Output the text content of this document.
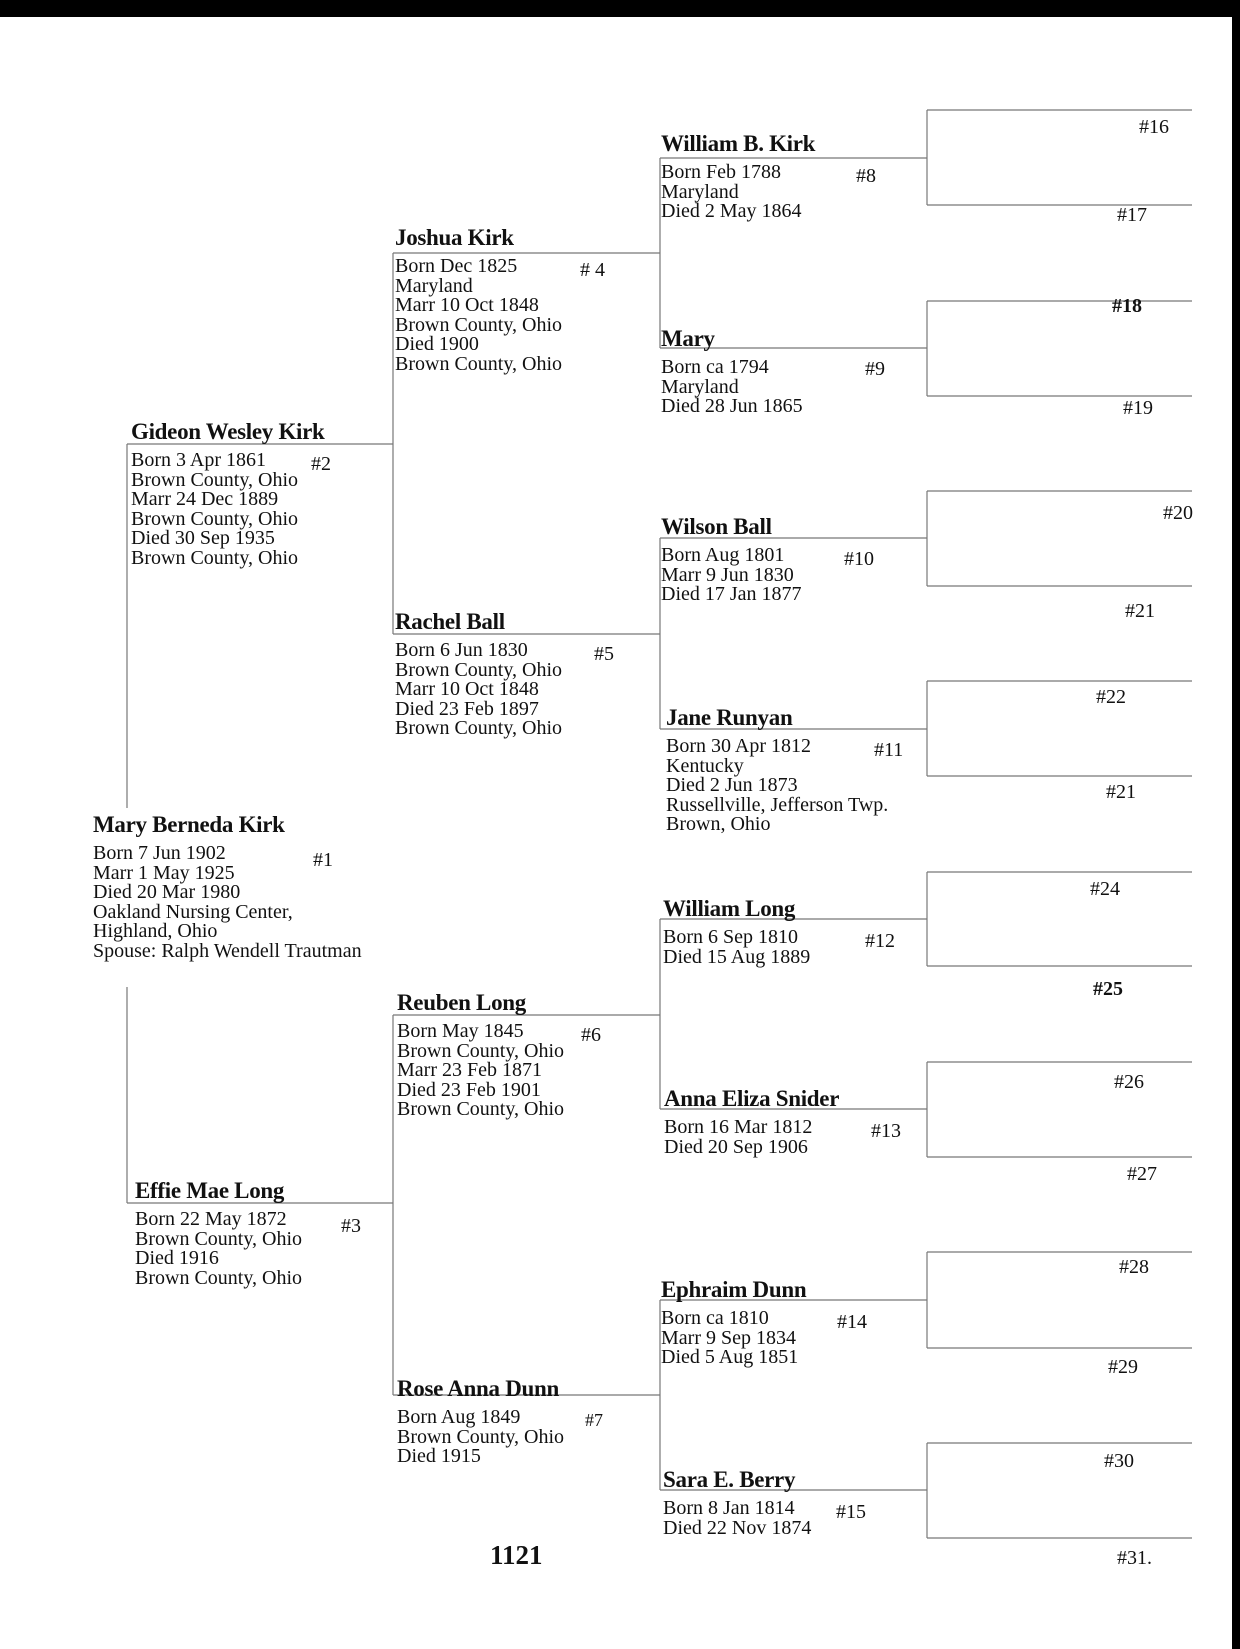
Mary Berneda Kirk
Born 7 Jun 1902
Marr 1 May 1925
Died 20 Mar 1980
Oakland Nursing Center,
Highland, Ohio
Spouse: Ralph Wendell Trautman
#1
Gideon Wesley Kirk
Born 3 Apr 1861
Brown County, Ohio
Marr 24 Dec 1889
Brown County, Ohio
Died 30 Sep 1935
Brown County, Ohio
#2
Effie Mae Long
Born 22 May 1872
Brown County, Ohio
Died 1916
Brown County, Ohio
#3
Joshua Kirk
Born Dec 1825
Maryland
Marr 10 Oct 1848
Brown County, Ohio
Died 1900
Brown County, Ohio
# 4
Rachel Ball
Born 6 Jun 1830
Brown County, Ohio
Marr 10 Oct 1848
Died 23 Feb 1897
Brown County, Ohio
#5
Reuben Long
Born May 1845
Brown County, Ohio
Marr 23 Feb 1871
Died 23 Feb 1901
Brown County, Ohio
#6
Rose Anna Dunn
Born Aug 1849
Brown County, Ohio
Died 1915
#7
William B. Kirk
Born Feb 1788
Maryland
Died 2 May 1864
#8
Mary
Born ca 1794
Maryland
Died 28 Jun 1865
#9
Wilson Ball
Born Aug 1801
Marr 9 Jun 1830
Died 17 Jan 1877
#10
Jane Runyan
Born 30 Apr 1812
Kentucky
Died 2 Jun 1873
Russellville, Jefferson Twp.
Brown, Ohio
#11
William Long
Born 6 Sep 1810
Died 15 Aug 1889
#12
Anna Eliza Snider
Born 16 Mar 1812
Died 20 Sep 1906
#13
Ephraim Dunn
Born ca 1810
Marr 9 Sep 1834
Died 5 Aug 1851
#14
Sara E. Berry
Born 8 Jan 1814
Died 22 Nov 1874
#15
#16
#17
#18
#19
#20
#21
#22
#21
#24
#25
#26
#27
#28
#29
#30
#31.
1121
